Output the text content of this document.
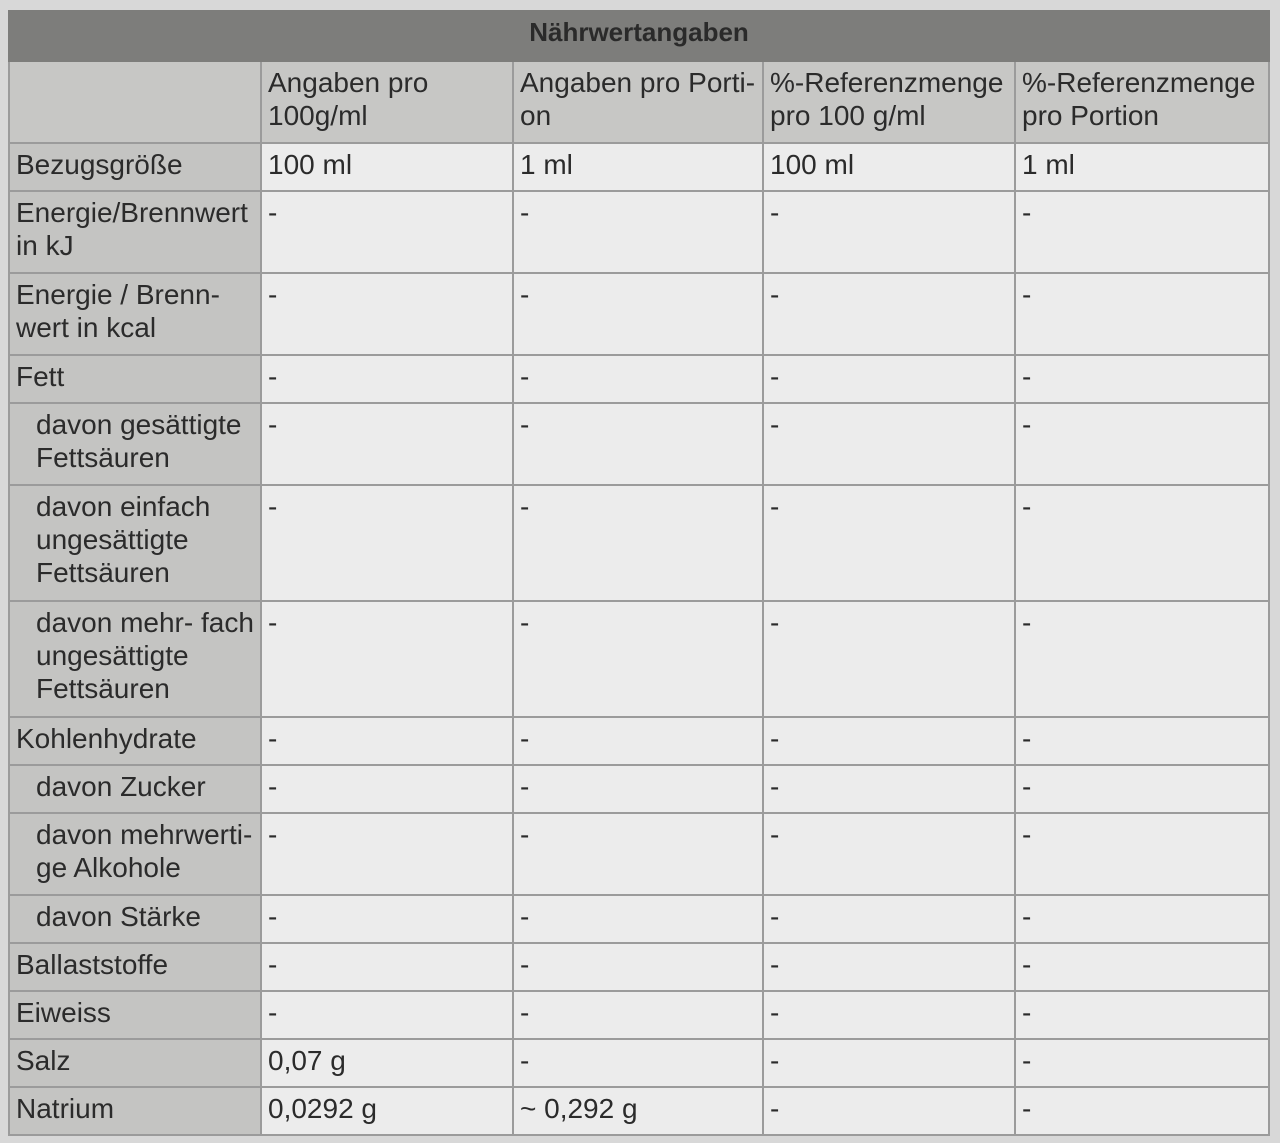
Nährwertangaben				
	Angaben pro 100g/ml	Angaben pro Porti- on	%-Referenzmenge pro 100 g/ml	%-Referenzmenge pro Portion
Bezugsgröße	100 ml	1 ml	100 ml	1 ml
Energie/Brennwert in kJ	-	-	-	-
Energie / Brenn- wert in kcal	-	-	-	-
Fett	-	-	-	-
davon gesättigte Fettsäuren	-	-	-	-
davon einfach ungesättigte Fettsäuren	-	-	-	-
davon mehr- fach ungesättigte Fettsäuren	-	-	-	-
Kohlenhydrate	-	-	-	-
davon Zucker	-	-	-	-
davon mehrwerti- ge Alkohole	-	-	-	-
davon Stärke	-	-	-	-
Ballaststoffe	-	-	-	-
Eiweiss	-	-	-	-
Salz	0,07 g	-	-	-
Natrium	0,0292 g	~ 0,292 g	-	-
